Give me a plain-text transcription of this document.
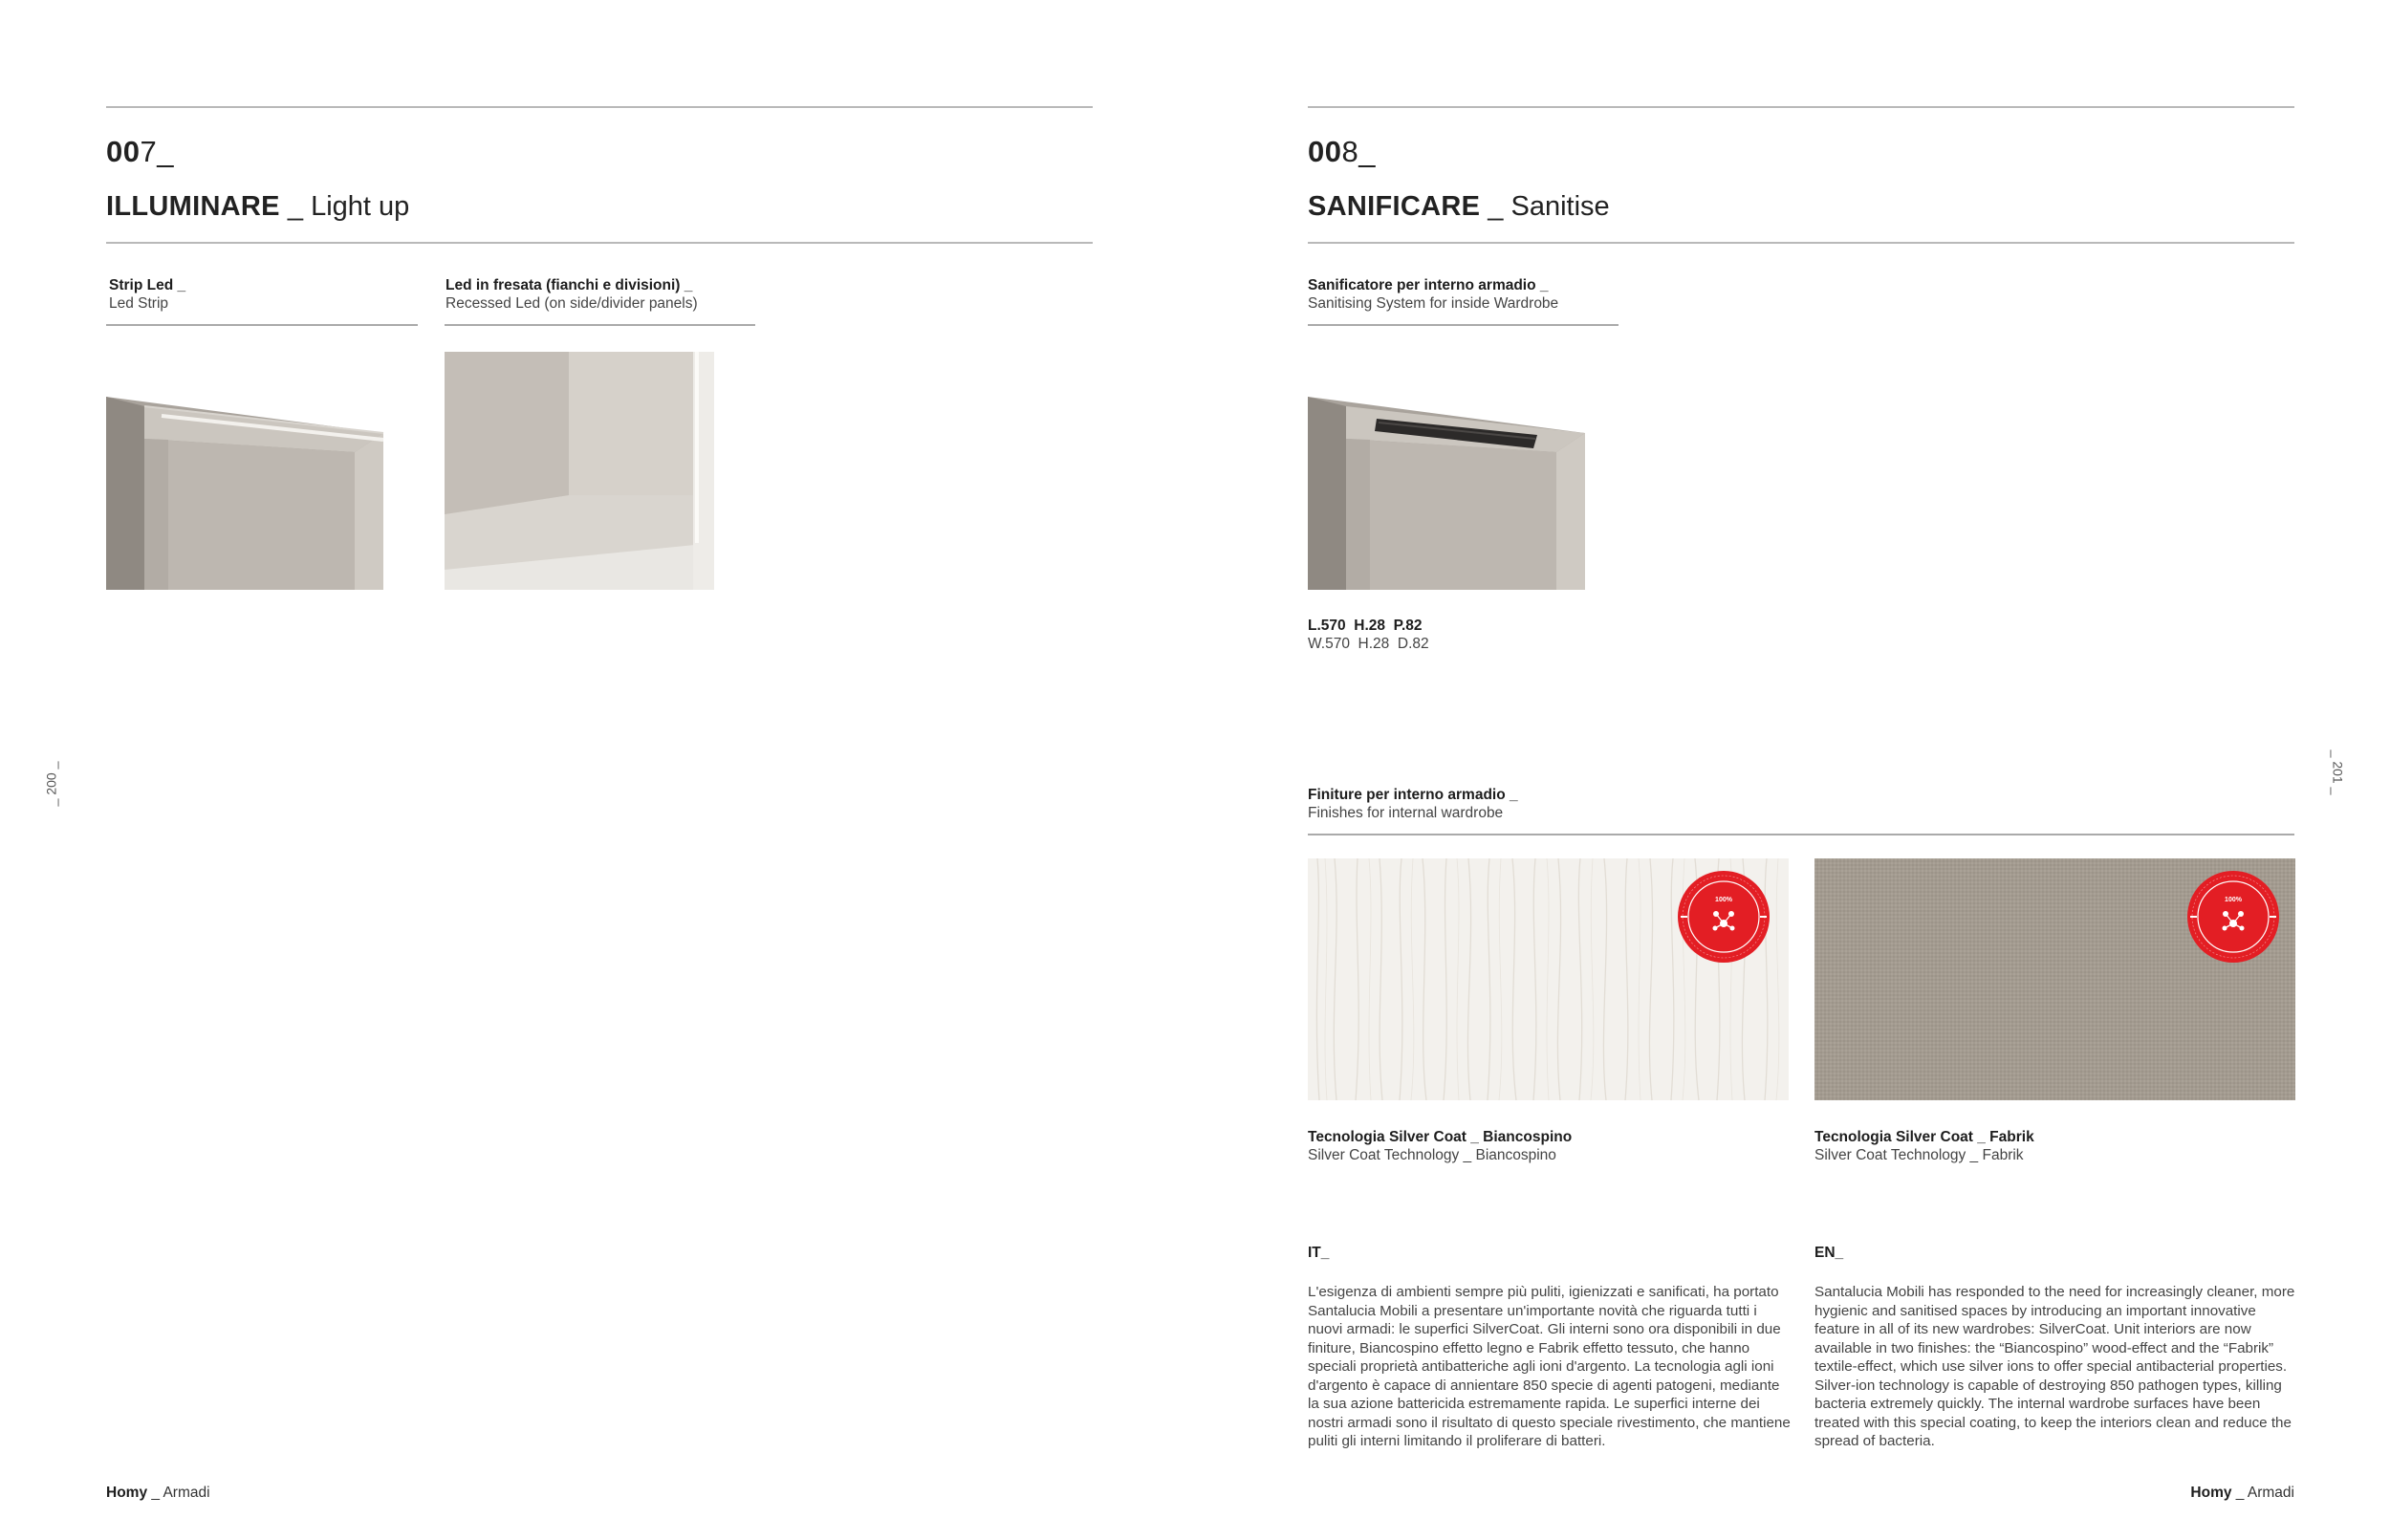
007_
ILLUMINARE _ Light up
Strip Led _
Led Strip
Led in fresata (fianchi e divisioni) _
Recessed Led (on side/divider panels)
_ 200 _
Homy _ Armadi
008_
SANIFICARE _ Sanitise
Sanificatore per interno armadio _
Sanitising System for inside Wardrobe
L.570  H.28  P.82
W.570  H.28  D.82
Finiture per interno armadio _
Finishes for internal wardrobe
100%
Tecnologia Silver Coat _ Biancospino
Silver Coat Technology _ Biancospino
100%
Tecnologia Silver Coat _ Fabrik
Silver Coat Technology _ Fabrik
IT_
L'esigenza di ambienti sempre più puliti, igienizzati e sanificati, ha portato Santalucia Mobili a presentare un'importante novità che riguarda tutti i nuovi armadi: le superfici SilverCoat. Gli interni sono ora disponibili in due finiture, Biancospino effetto legno e Fabrik effetto tessuto, che hanno speciali proprietà antibatteriche agli ioni d'argento. La tecnologia agli ioni d'argento è capace di annientare 850 specie di agenti patogeni, mediante la sua azione battericida estremamente rapida. Le superfici interne dei nostri armadi sono il risultato di questo speciale rivestimento, che mantiene puliti gli interni limitando il proliferare di batteri.
EN_
Santalucia Mobili has responded to the need for increasingly cleaner, more hygienic and sanitised spaces by introducing an important innovative feature in all of its new wardrobes: SilverCoat. Unit interiors are now available in two finishes: the “Biancospino” wood-effect and the “Fabrik” textile-effect, which use silver ions to offer special antibacterial properties. Silver-ion technology is capable of destroying 850 pathogen types, killing bacteria extremely quickly. The internal wardrobe surfaces have been treated with this special coating, to keep the interiors clean and reduce the spread of bacteria.
_ 201 _
Homy _ Armadi
